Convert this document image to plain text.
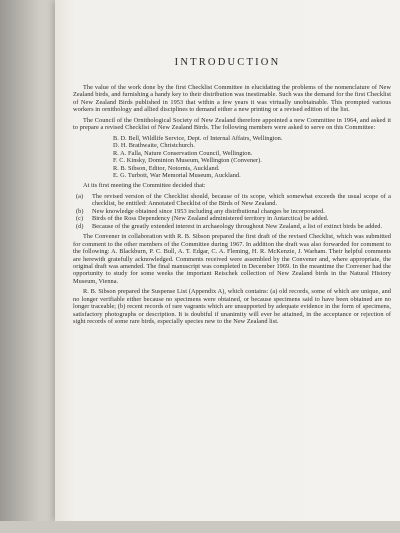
INTRODUCTION

The value of the work done by the first Checklist Committee in elucidating the problems of the nomenclature of New Zealand birds, and furnishing a handy key to their distribution was inestimable. Such was the demand for the first Checklist of New Zealand Birds published in 1953 that within a few years it was virtually unobtainable. This prompted various workers in ornithology and allied disciplines to demand either a new printing or a revised edition of the list.

The Council of the Ornithological Society of New Zealand therefore appointed a new Committee in 1964, and asked it to prepare a revised Checklist of New Zealand Birds. The following members were asked to serve on this Committee:

B. D. Bell, Wildlife Service, Dept. of Internal Affairs, Wellington.
D. H. Brathwaite, Christchurch.
R. A. Falla, Nature Conservation Council, Wellington.
F. C. Kinsky, Dominion Museum, Wellington (Convener).
R. B. Sibson, Editor, Notornis, Auckland.
E. G. Turbott, War Memorial Museum, Auckland.

At its first meeting the Committee decided that:

(a)	The revised version of the Checklist should, because of its scope, which somewhat exceeds the usual scope of a checklist, be entitled: Annotated Checklist of the Birds of New Zealand.
(b)	New knowledge obtained since 1953 including any distributional changes be incorporated.
(c)	Birds of the Ross Dependency (New Zealand administered territory in Antarctica) be added.
(d)	Because of the greatly extended interest in archaeology throughout New Zealand, a list of extinct birds be added.

The Convener in collaboration with R. B. Sibson prepared the first draft of the revised Checklist, which was submitted for comment to the other members of the Committee during 1967. In addition the draft was also forwarded for comment to the following: A. Blackburn, P. C. Bull, A. T. Edgar, C. A. Fleming, H. R. McKenzie, J. Warham. Their helpful comments are herewith gratefully acknowledged. Comments received were assembled by the Convener and, where appropriate, the original draft was amended. The final manuscript was completed in December 1969. In the meantime the Convener had the opportunity to study for some weeks the important Reischek collection of New Zealand birds in the Natural History Museum, Vienna.

R. B. Sibson prepared the Suspense List (Appendix A), which contains: (a) old records, some of which are unique, and no longer verifiable either because no specimens were obtained, or because specimens said to have been obtained are no longer traceable; (b) recent records of rare vagrants which are unsupported by adequate evidence in the form of specimens, satisfactory photographs or description. It is doubtful if unanimity will ever be attained, in the acceptance or rejection of sight records of some rare birds, especially species new to the New Zealand list.
